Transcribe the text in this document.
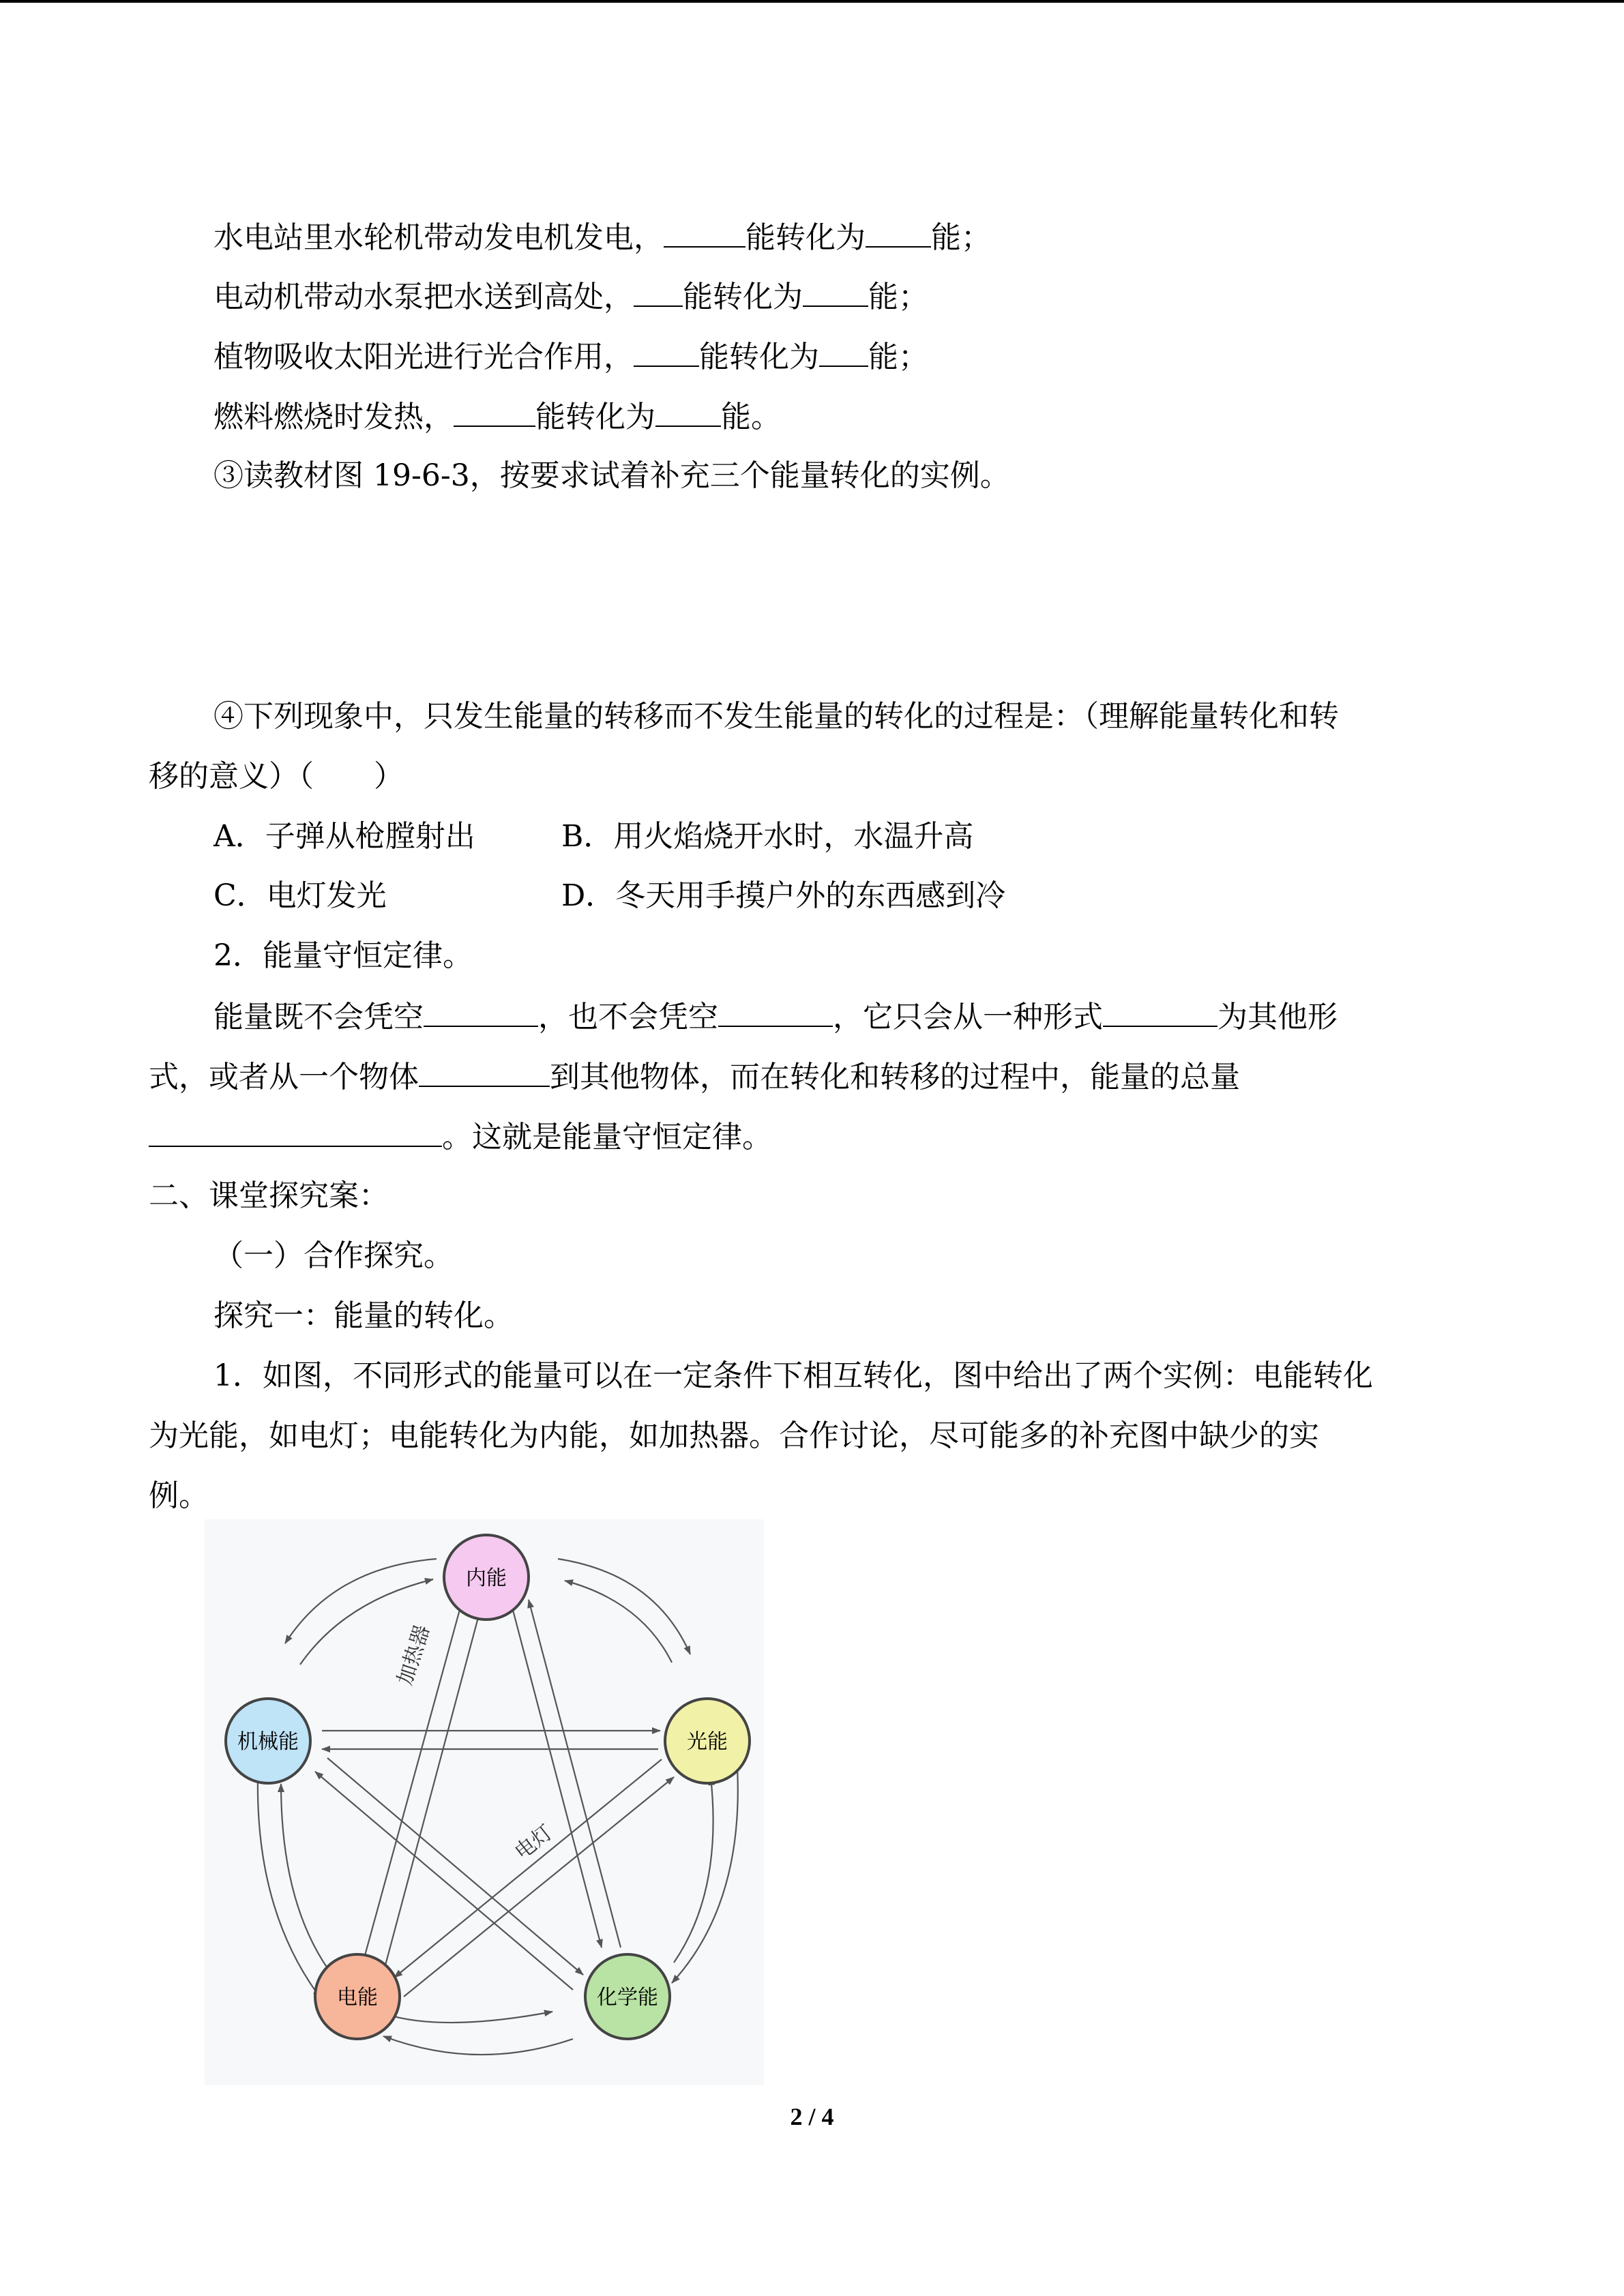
水电站里水轮机带动发电机发电，	能转化为 能；
电动机带动水泵把水送到高处， 能转化为 能；
植物吸收太阳光进行光合作用， 能转化为 能；
燃料燃烧时发热，	能转化为 能。
③读教材图 19-6-3，按要求试着补充三个能量转化的实例。
④下列现象中，只发生能量的转移而不发生能量的转化的过程是：（理解能量转化和转
移的意义）（　　）
A．子弹从枪膛射出	B．用火焰烧开水时，水温升高
C．电灯发光	D．冬天用手摸户外的东西感到冷
2．能量守恒定律。
能量既不会凭空	，也不会凭空	，它只会从一种形式	为其他形
式，或者从一个物体	到其他物体，而在转化和转移的过程中，能量的总量
。这就是能量守恒定律。
二、课堂探究案：
（一）合作探究。
探究一：能量的转化。
1．如图，不同形式的能量可以在一定条件下相互转化，图中给出了两个实例：电能转化
为光能，如电灯；电能转化为内能，如加热器。合作讨论，尽可能多的补充图中缺少的实
例。
加热器
电灯
内能
机械能	光能
电能	化学能
2 / 4
